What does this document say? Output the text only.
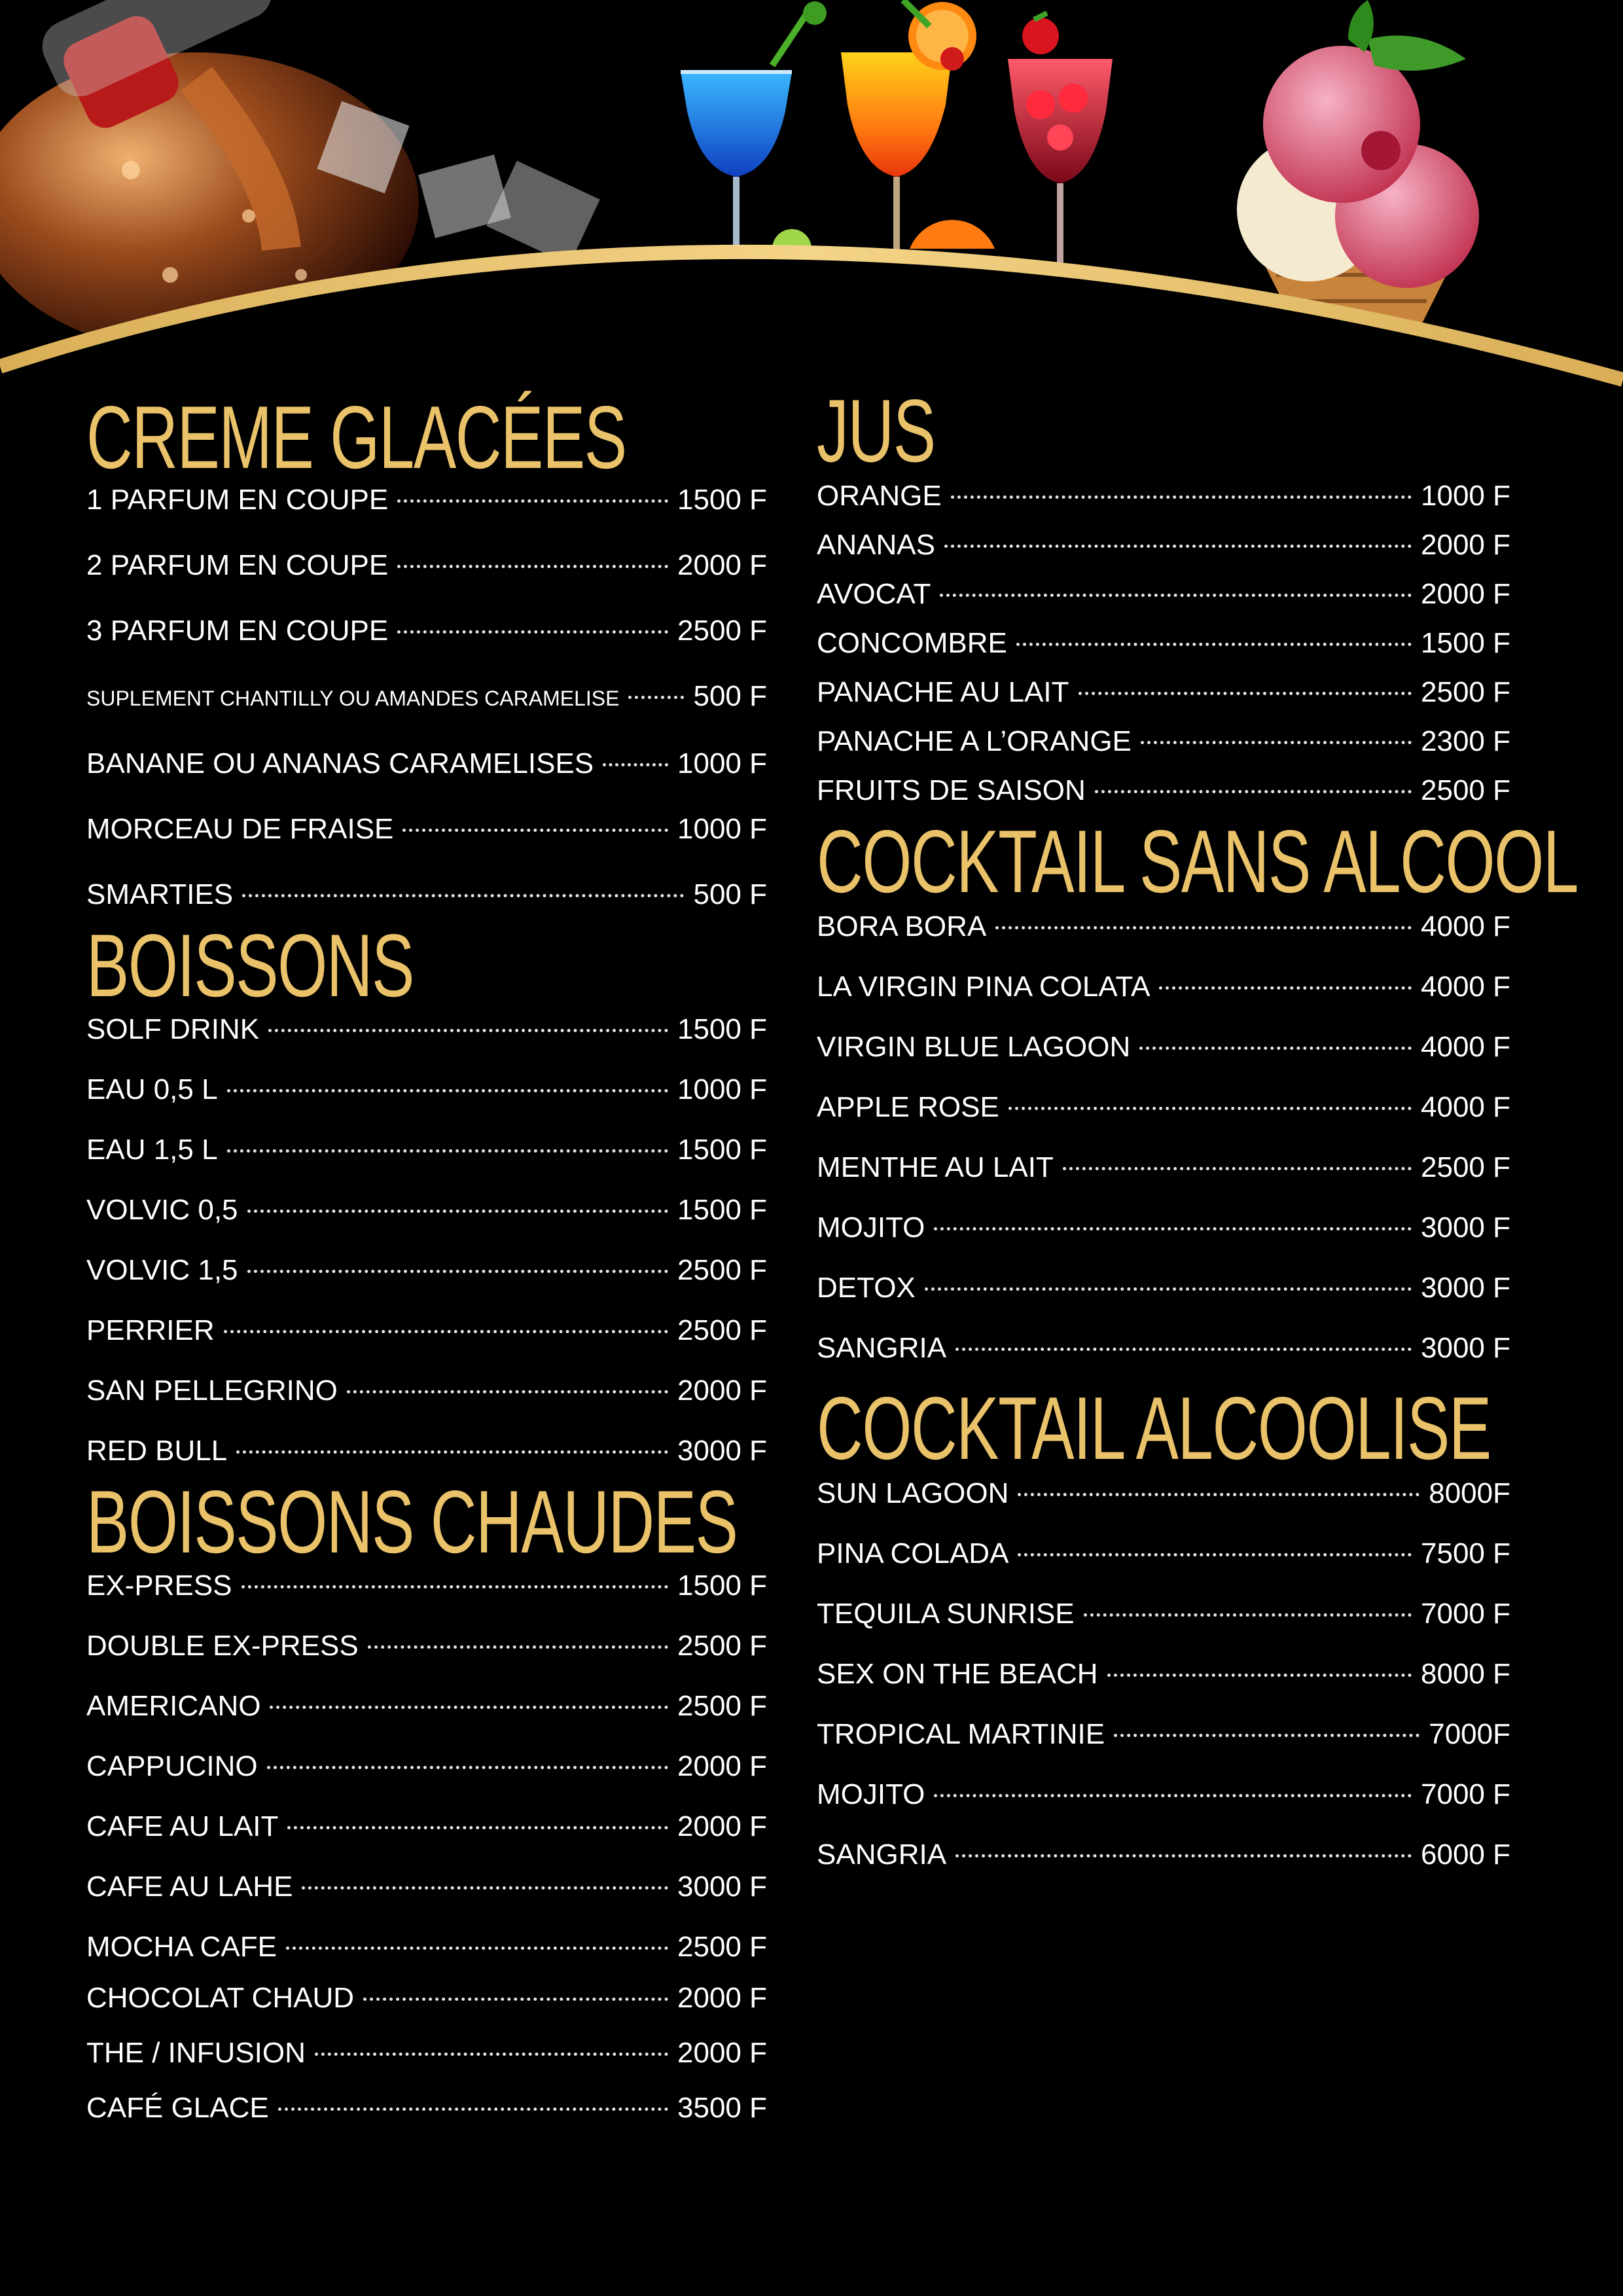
CREME GLACÉES
1 PARFUM EN COUPE	1500 F
2 PARFUM EN COUPE	2000 F
3 PARFUM EN COUPE	2500 F
SUPLEMENT CHANTILLY OU AMANDES CARAMELISE	500 F
BANANE OU ANANAS CARAMELISES	1000 F
MORCEAU DE FRAISE	1000 F
SMARTIES	500 F
BOISSONS
SOLF DRINK	1500 F
EAU 0,5 L	1000 F
EAU 1,5 L	1500 F
VOLVIC 0,5	1500 F
VOLVIC 1,5	2500 F
PERRIER	2500 F
SAN PELLEGRINO	2000 F
RED BULL	3000 F
BOISSONS CHAUDES
EX-PRESS	1500 F
DOUBLE EX-PRESS	2500 F
AMERICANO	2500 F
CAPPUCINO	2000 F
CAFE AU LAIT	2000 F
CAFE AU LAHE	3000 F
MOCHA CAFE	2500 F
CHOCOLAT CHAUD	2000 F
THE / INFUSION	2000 F
CAFÉ GLACE	3500 F
JUS
ORANGE	1000 F
ANANAS	2000 F
AVOCAT	2000 F
CONCOMBRE	1500 F
PANACHE AU LAIT	2500 F
PANACHE A L’ORANGE	2300 F
FRUITS DE SAISON	2500 F
COCKTAIL SANS ALCOOL
BORA BORA	4000 F
LA VIRGIN PINA COLATA	4000 F
VIRGIN BLUE LAGOON	4000 F
APPLE ROSE	4000 F
MENTHE AU LAIT	2500 F
MOJITO	3000 F
DETOX	3000 F
SANGRIA	3000 F
COCKTAIL ALCOOLISE
SUN LAGOON	8000F
PINA COLADA	7500 F
TEQUILA SUNRISE	7000 F
SEX ON THE BEACH	8000 F
TROPICAL MARTINIE	7000F
MOJITO	7000 F
SANGRIA	6000 F
